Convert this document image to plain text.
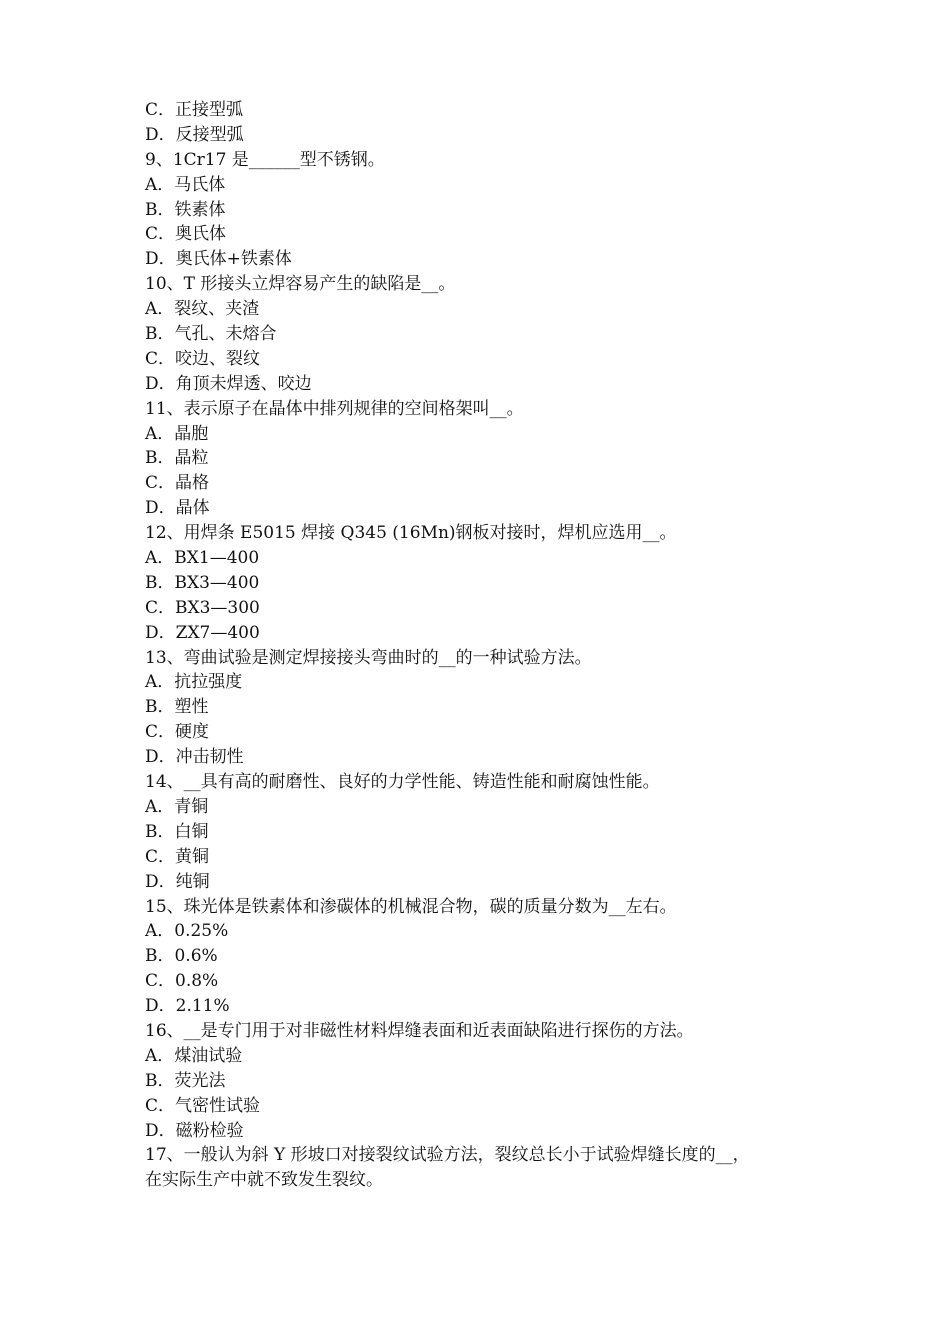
C．正接型弧
D．反接型弧
9、1Cr17 是______型不锈钢。
A．马氏体
B．铁素体
C．奥氏体
D．奥氏体+铁素体
10、T 形接头立焊容易产生的缺陷是__。
A．裂纹、夹渣
B．气孔、未熔合
C．咬边、裂纹
D．角顶未焊透、咬边
11、表示原子在晶体中排列规律的空间格架叫__。
A．晶胞
B．晶粒
C．晶格
D．晶体
12、用焊条 E5015 焊接 Q345 (16Mn)钢板对接时，焊机应选用__。
A．BX1—400
B．BX3—400
C．BX3—300
D．ZX7—400
13、弯曲试验是测定焊接接头弯曲时的__的一种试验方法。
A．抗拉强度
B．塑性
C．硬度
D．冲击韧性
14、__具有高的耐磨性、良好的力学性能、铸造性能和耐腐蚀性能。
A．青铜
B．白铜
C．黄铜
D．纯铜
15、珠光体是铁素体和渗碳体的机械混合物，碳的质量分数为__左右。
A．0.25%
B．0.6%
C．0.8%
D．2.11%
16、__是专门用于对非磁性材料焊缝表面和近表面缺陷进行探伤的方法。
A．煤油试验
B．荧光法
C．气密性试验
D．磁粉检验
17、一般认为斜 Y 形坡口对接裂纹试验方法，裂纹总长小于试验焊缝长度的__，
在实际生产中就不致发生裂纹。
